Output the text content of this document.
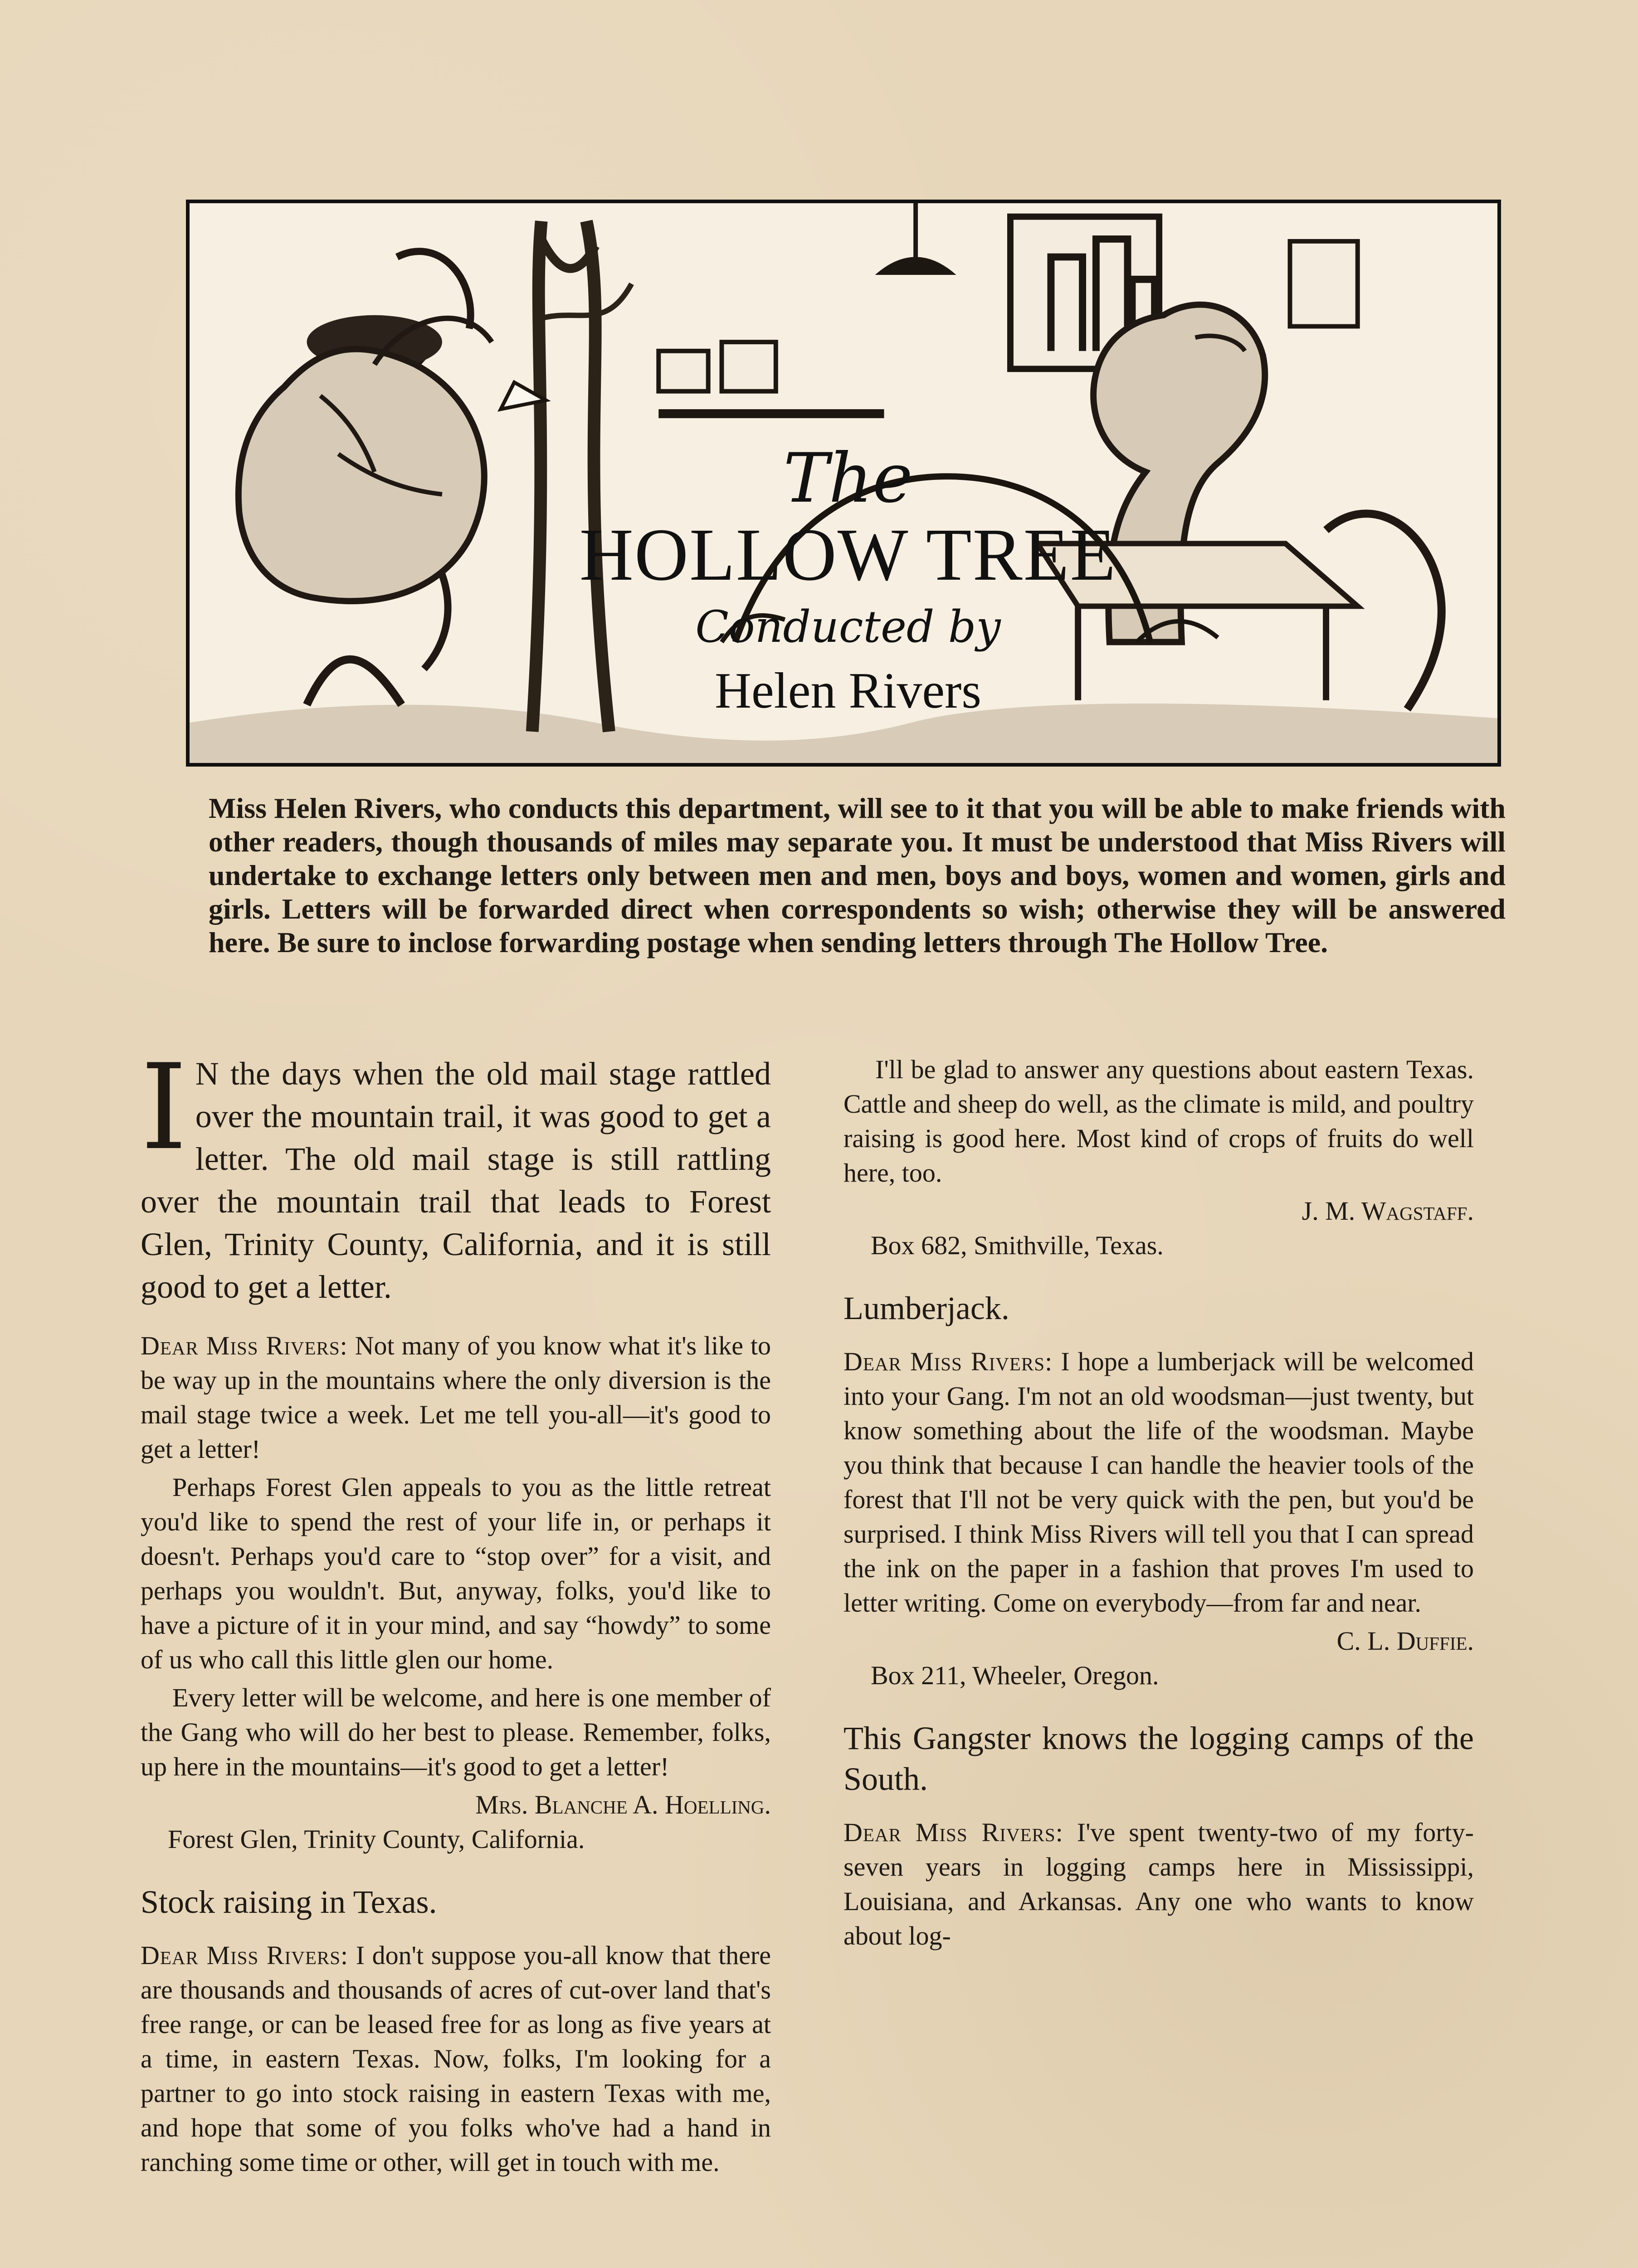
The
HOLLOW TREE
Conducted by
Helen Rivers

Miss Helen Rivers, who conducts this department, will see to it that you will be able to make friends with other readers, though thousands of miles may separate you. It must be understood that Miss Rivers will undertake to exchange letters only between men and men, boys and boys, women and women, girls and girls. Letters will be forwarded direct when correspondents so wish; otherwise they will be answered here. Be sure to inclose forwarding postage when sending letters through The Hollow Tree.

I N the days when the old mail stage rattled over the mountain trail, it was good to get a letter. The old mail stage is still rattling over the mountain trail that leads to Forest Glen, Trinity County, California, and it is still good to get a letter.

Dear Miss Rivers: Not many of you know what it's like to be way up in the mountains where the only diversion is the mail stage twice a week. Let me tell you-all—it's good to get a letter!

Perhaps Forest Glen appeals to you as the little retreat you'd like to spend the rest of your life in, or perhaps it doesn't. Perhaps you'd care to “stop over” for a visit, and perhaps you wouldn't. But, anyway, folks, you'd like to have a picture of it in your mind, and say “howdy” to some of us who call this little glen our home.

Every letter will be welcome, and here is one member of the Gang who will do her best to please. Remember, folks, up here in the mountains—it's good to get a letter!

Mrs. Blanche A. Hoelling.
Forest Glen, Trinity County, California.
Stock raising in Texas.

Dear Miss Rivers: I don't suppose you-all know that there are thousands and thousands of acres of cut-over land that's free range, or can be leased free for as long as five years at a time, in eastern Texas. Now, folks, I'm looking for a partner to go into stock raising in eastern Texas with me, and hope that some of you folks who've had a hand in ranching some time or other, will get in touch with me.

I'll be glad to answer any questions about eastern Texas. Cattle and sheep do well, as the climate is mild, and poultry raising is good here. Most kind of crops of fruits do well here, too.

J. M. Wagstaff.
Box 682, Smithville, Texas.
Lumberjack.

Dear Miss Rivers: I hope a lumberjack will be welcomed into your Gang. I'm not an old woodsman—just twenty, but know something about the life of the woodsman. Maybe you think that because I can handle the heavier tools of the forest that I'll not be very quick with the pen, but you'd be surprised. I think Miss Rivers will tell you that I can spread the ink on the paper in a fashion that proves I'm used to letter writing. Come on everybody—from far and near.

C. L. Duffie.
Box 211, Wheeler, Oregon.
This Gangster knows the logging camps of the South.

Dear Miss Rivers: I've spent twenty-two of my forty-seven years in logging camps here in Mississippi, Louisiana, and Arkansas. Any one who wants to know about log-
